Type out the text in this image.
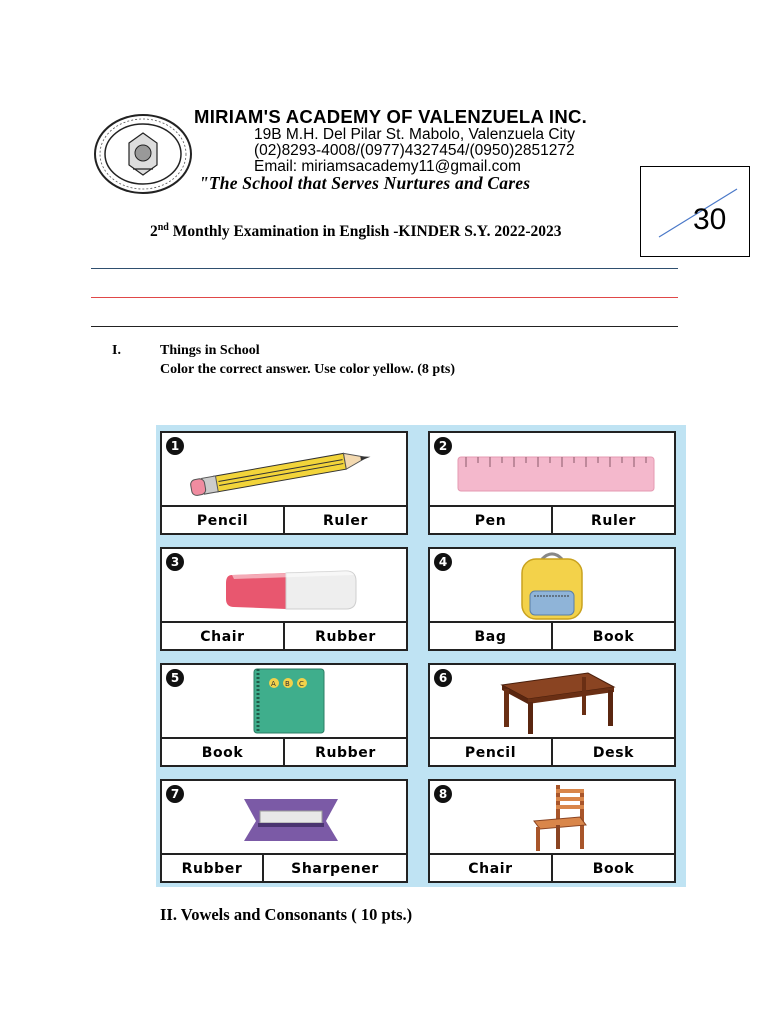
MIRIAM'S ACADEMY OF VALENZUELA INC.
19B M.H. Del Pilar St. Mabolo, Valenzuela City
(02)8293-4008/(0977)4327454/(0950)2851272
Email: miriamsacademy11@gmail.com
"The School that Serves Nurtures and Cares
2nd Monthly Examination in English -KINDER S.Y. 2022-2023	30
I.	Things in School
Color the correct answer. Use color yellow. (8 pts)
1
Pencil	Ruler
2
Pen	Ruler
3
Chair	Rubber
4
Bag	Book
A B C
5
Book	Rubber
6
Pencil	Desk
7
Rubber	Sharpener
8
Chair	Book
II. Vowels and Consonants ( 10 pts.)
